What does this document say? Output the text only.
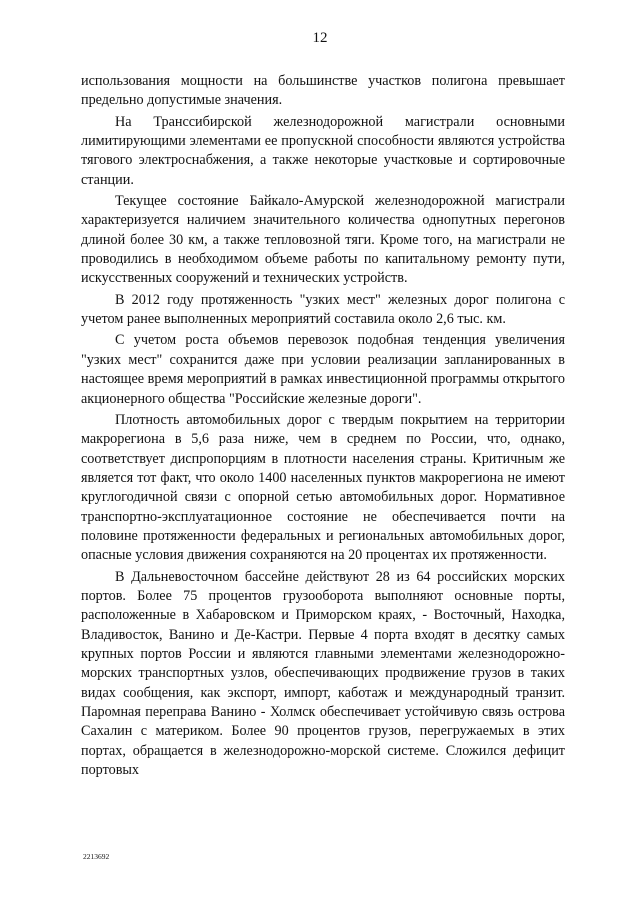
12

использования мощности на большинстве участков полигона превышает предельно допустимые значения.

На Транссибирской железнодорожной магистрали основными лимитирующими элементами ее пропускной способности являются устройства тягового электроснабжения, а также некоторые участковые и сортировочные станции.

Текущее состояние Байкало-Амурской железнодорожной магистрали характеризуется наличием значительного количества однопутных перегонов длиной более 30 км, а также тепловозной тяги. Кроме того, на магистрали не проводились в необходимом объеме работы по капитальному ремонту пути, искусственных сооружений и технических устройств.

В 2012 году протяженность "узких мест" железных дорог полигона с учетом ранее выполненных мероприятий составила около 2,6 тыс. км.

С учетом роста объемов перевозок подобная тенденция увеличения "узких мест" сохранится даже при условии реализации запланированных в настоящее время мероприятий в рамках инвестиционной программы открытого акционерного общества "Российские железные дороги".

Плотность автомобильных дорог с твердым покрытием на территории макрорегиона в 5,6 раза ниже, чем в среднем по России, что, однако, соответствует диспропорциям в плотности населения страны. Критичным же является тот факт, что около 1400 населенных пунктов макрорегиона не имеют круглогодичной связи с опорной сетью автомобильных дорог. Нормативное транспортно-эксплуатационное состояние не обеспечивается почти на половине протяженности федеральных и региональных автомобильных дорог, опасные условия движения сохраняются на 20 процентах их протяженности.

В Дальневосточном бассейне действуют 28 из 64 российских морских портов. Более 75 процентов грузооборота выполняют основные порты, расположенные в Хабаровском и Приморском краях, - Восточный, Находка, Владивосток, Ванино и Де-Кастри. Первые 4 порта входят в десятку самых крупных портов России и являются главными элементами железнодорожно-морских транспортных узлов, обеспечивающих продвижение грузов в таких видах сообщения, как экспорт, импорт, каботаж и международный транзит. Паромная переправа Ванино - Холмск обеспечивает устойчивую связь острова Сахалин с материком. Более 90 процентов грузов, перегружаемых в этих портах, обращается в железнодорожно-морской системе. Сложился дефицит портовых

2213692
